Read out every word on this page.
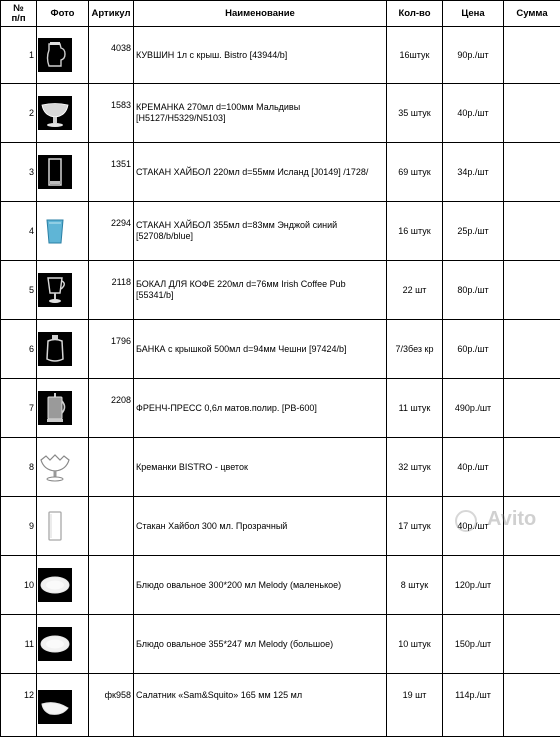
№
п/п	Фото	Артикул	Наименование	Кол-во	Цена	Сумма
1		4038	КУВШИН 1л с крыш. Bistro [43944/b]	16штук	90р./шт	
2		1583	КРЕМАНКА 270мл d=100мм Мальдивы [H5127/H5329/N5103]	35 штук	40р./шт	
3		1351	СТАКАН ХАЙБОЛ 220мл d=55мм Исланд [J0149] /1728/	69 штук	34р./шт	
4		2294	СТАКАН ХАЙБОЛ 355мл d=83мм Энджой синий [52708/b/blue]	16 штук	25р./шт	
5		2118	БОКАЛ ДЛЯ КОФЕ 220мл d=76мм Irish Coffee Pub [55341/b]	22 шт	80р./шт	
6		1796	БАНКА с крышкой 500мл d=94мм Чешни [97424/b]	7/3без кр	60р./шт	
7		2208	ФРЕНЧ-ПРЕСС 0,6л матов.полир. [PB-600]	11 штук	490р./шт	
8			Креманки BISTRO - цветок	32 штук	40р./шт	
9			Стакан Хайбол 300 мл. Прозрачный	17 штук	40р./шт	
10			Блюдо овальное 300*200 мл Melody (маленькое)	8 штук	120р./шт	
11			Блюдо овальное 355*247 мл Melody (большое)	10 штук	150р./шт	
12		фк958	Салатник «Sam&Squito» 165 мм 125 мл	19 шт	114р./шт	
Avito
